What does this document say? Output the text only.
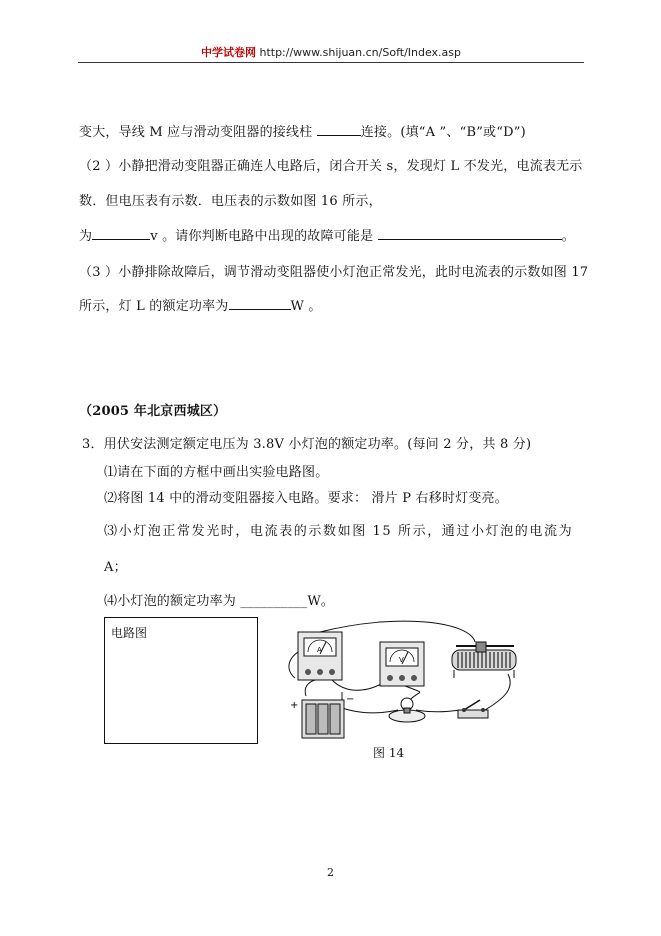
中学试卷网 http://www.shijuan.cn/Soft/Index.asp
变大，导线 M 应与滑动变阻器的接线柱	连接。(填“A ”、“B”或“D”)
（2 ）小静把滑动变阻器正确连人电路后，闭合开关 s，发现灯 L 不发光，电流表无示
数．但电压表有示数．电压表的示数如图 16 所示，
为	v 。请你判断电路中出现的故障可能是	。
（3 ）小静排除故障后，调节滑动变阻器使小灯泡正常发光，此时电流表的示数如图 17
所示，灯 L 的额定功率为	W 。
（2005 年北京西城区）
3．用伏安法测定额定电压为 3.8V 小灯泡的额定功率。(每问 2 分，共 8 分)
⑴请在下面的方框中画出实验电路图。
⑵将图 14 中的滑动变阻器接入电路。要求： 滑片 P 右移时灯变亮。
⑶小灯泡正常发光时，电流表的示数如图 15 所示，通过小灯泡的电流为
A；
⑷小灯泡的额定功率为 __________W。
电路图
A
V
+
−
图 14
2
